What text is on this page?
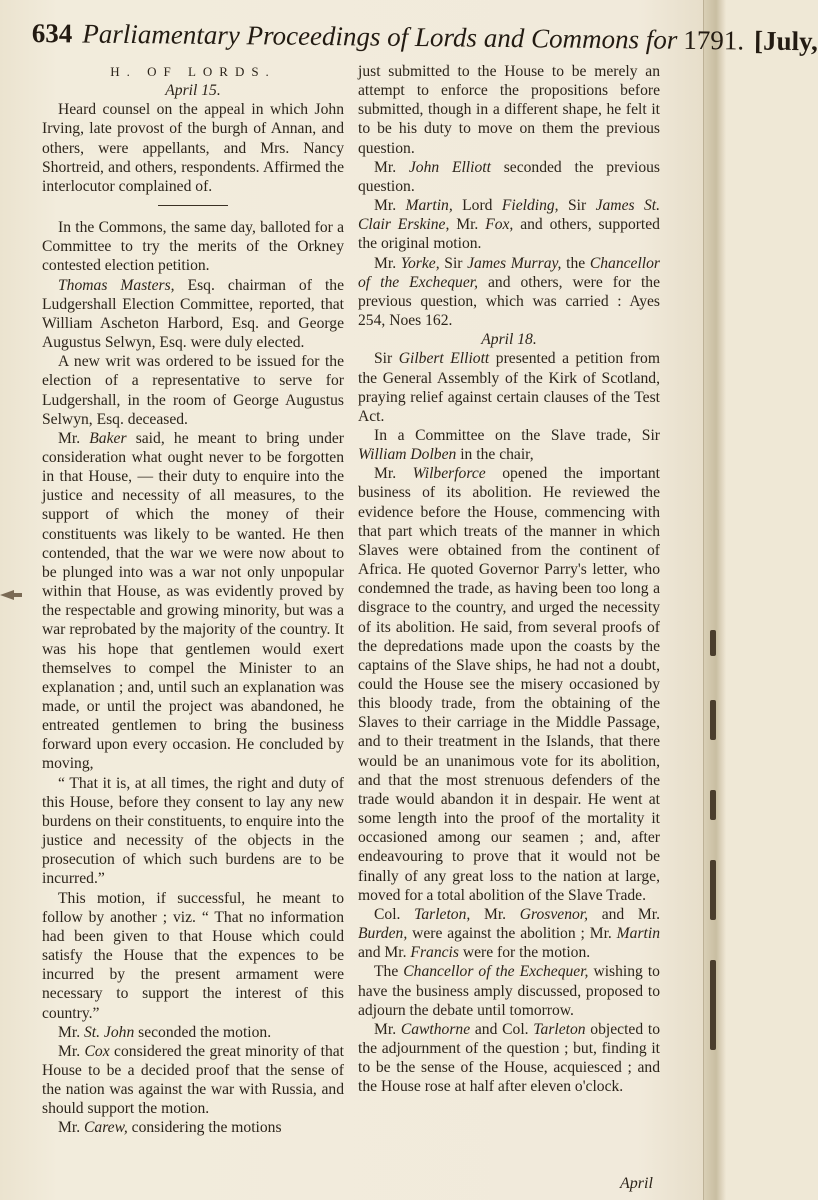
634 Parliamentary Proceedings of Lords and Commons for 1791. [July,

H. OF LORDS.

April 15.

Heard counsel on the appeal in which John Irving, late provost of the burgh of Annan, and others, were appellants, and Mrs. Nancy Shortreid, and others, respondents. Affirmed the interlocutor complained of.

In the Commons, the same day, balloted for a Committee to try the merits of the Orkney contested election petition.

Thomas Masters, Esq. chairman of the Ludgershall Election Committee, reported, that William Ascheton Harbord, Esq. and George Augustus Selwyn, Esq. were duly elected.

A new writ was ordered to be issued for the election of a representative to serve for Ludgershall, in the room of George Augustus Selwyn, Esq. deceased.

Mr. Baker said, he meant to bring under consideration what ought never to be forgotten in that House, — their duty to enquire into the justice and necessity of all measures, to the support of which the money of their constituents was likely to be wanted. He then contended, that the war we were now about to be plunged into was a war not only unpopular within that House, as was evidently proved by the respectable and growing minority, but was a war reprobated by the majority of the country. It was his hope that gentlemen would exert themselves to compel the Minister to an explanation ; and, until such an explanation was made, or until the project was abandoned, he entreated gentlemen to bring the business forward upon every occasion. He concluded by moving,

“ That it is, at all times, the right and duty of this House, before they consent to lay any new burdens on their constituents, to enquire into the justice and necessity of the objects in the prosecution of which such burdens are to be incurred.”

This motion, if successful, he meant to follow by another ; viz. “ That no information had been given to that House which could satisfy the House that the expences to be incurred by the present armament were necessary to support the interest of this country.”

Mr. St. John seconded the motion.

Mr. Cox considered the great minority of that House to be a decided proof that the sense of the nation was against the war with Russia, and should support the motion.

Mr. Carew, considering the motions

just submitted to the House to be merely an attempt to enforce the propositions before submitted, though in a different shape, he felt it to be his duty to move on them the previous question.

Mr. John Elliott seconded the previous question.

Mr. Martin, Lord Fielding, Sir James St. Clair Erskine, Mr. Fox, and others, supported the original motion.

Mr. Yorke, Sir James Murray, the Chancellor of the Exchequer, and others, were for the previous question, which was carried : Ayes 254, Noes 162.

April 18.

Sir Gilbert Elliott presented a petition from the General Assembly of the Kirk of Scotland, praying relief against certain clauses of the Test Act.

In a Committee on the Slave trade, Sir William Dolben in the chair,

Mr. Wilberforce opened the important business of its abolition. He reviewed the evidence before the House, commencing with that part which treats of the manner in which Slaves were obtained from the continent of Africa. He quoted Governor Parry's letter, who condemned the trade, as having been too long a disgrace to the country, and urged the necessity of its abolition. He said, from several proofs of the depredations made upon the coasts by the captains of the Slave ships, he had not a doubt, could the House see the misery occasioned by this bloody trade, from the obtaining of the Slaves to their carriage in the Middle Passage, and to their treatment in the Islands, that there would be an unanimous vote for its abolition, and that the most strenuous defenders of the trade would abandon it in despair. He went at some length into the proof of the mortality it occasioned among our seamen ; and, after endeavouring to prove that it would not be finally of any great loss to the nation at large, moved for a total abolition of the Slave Trade.

Col. Tarleton, Mr. Grosvenor, and Mr. Burden, were against the abolition ; Mr. Martin and Mr. Francis were for the motion.

The Chancellor of the Exchequer, wishing to have the business amply discussed, proposed to adjourn the debate until tomorrow.

Mr. Cawthorne and Col. Tarleton objected to the adjournment of the question ; but, finding it to be the sense of the House, acquiesced ; and the House rose at half after eleven o'clock.

April
